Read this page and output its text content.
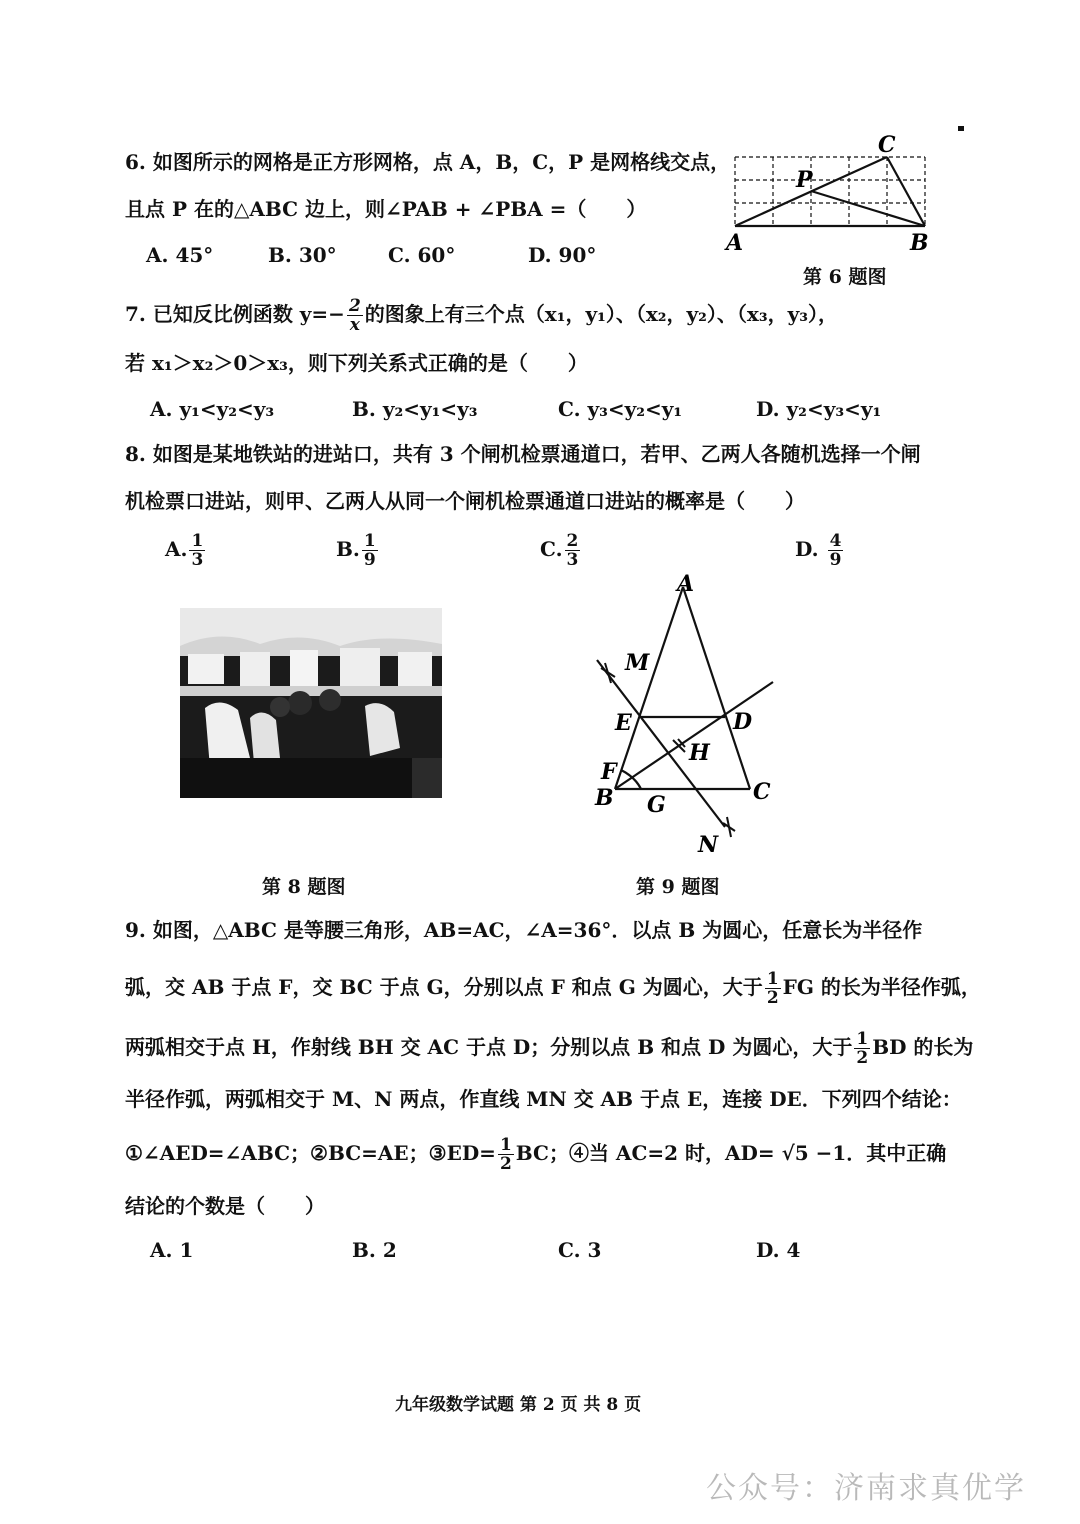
6. 如图所示的网格是正方形网格，点 A，B，C，P 是网格线交点，
且点 P 在的△ABC 边上，则∠PAB + ∠PBA =（　　）
A. 45°	B. 30°	C. 60°	D. 90°	A	B
C
P
第 6 题图
7. 已知反比例函数 $y=- \frac{2}{x}$ 的图象上有三个点（x₁，y₁）、（x₂，y₂）、（x₃，y₃），
若 x₁＞x₂＞0＞x₃，则下列关系式正确的是（　　）
A. y₁<y₂<y₃	B. y₂<y₁<y₃	C. y₃<y₂<y₁	D. y₂<y₃<y₁
8. 如图是某地铁站的进站口，共有 3 个闸机检票通道口，若甲、乙两人各随机选择一个闸
机检票口进站，则甲、乙两人从同一个闸机检票通道口进站的概率是（　　）
A. $\frac{1}{3}$	B. $\frac{1}{9}$	C. $\frac{2}{3}$	D. $\frac{4}{9}$
第 8 题图
A
M
E	D
H
F
B G	C
N
第 9 题图
9. 如图，△ABC 是等腰三角形，AB=AC，∠A=36°．以点 B 为圆心，任意长为半径作
弧，交 AB 于点 F，交 BC 于点 G，分别以点 F 和点 G 为圆心，大于 $\frac{1}{2}$ FG 的长为半径作弧，
两弧相交于点 H，作射线 BH 交 AC 于点 D；分别以点 B 和点 D 为圆心，大于 $\frac{1}{2}$ BD 的长为
半径作弧，两弧相交于 M、N 两点，作直线 MN 交 AB 于点 E，连接 DE．下列四个结论：
①∠AED=∠ABC；②BC=AE；③ED= $\frac{1}{2}$ BC；④当 AC=2 时，AD= √5 −1．其中正确
结论的个数是（　　）
A. 1	B. 2	C. 3	D. 4
九年级数学试题 第 2 页 共 8 页
公众号：济南求真优学
